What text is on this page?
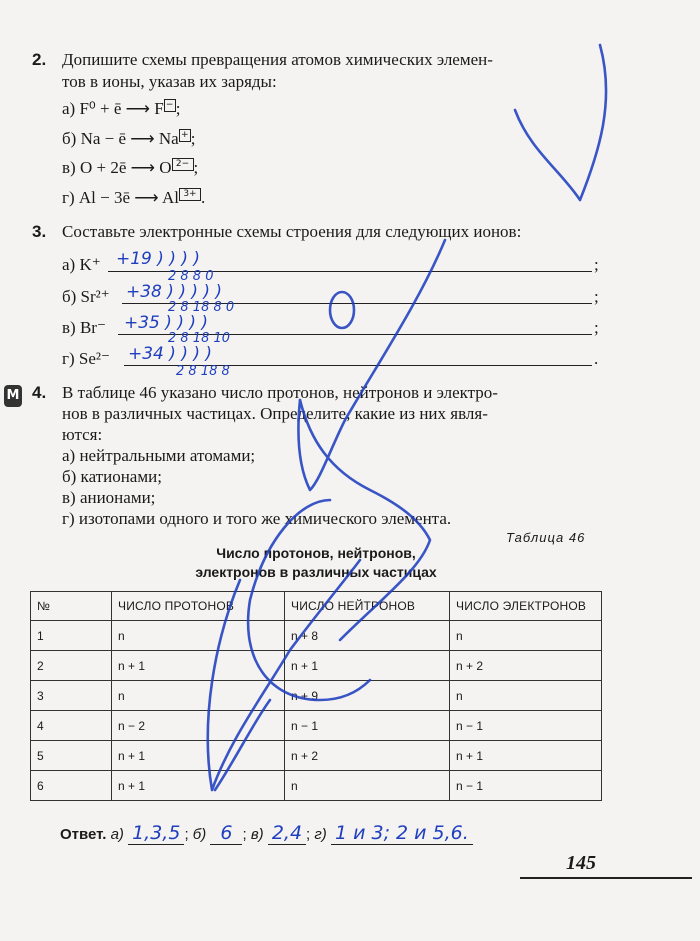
2. Допишите схемы превращения атомов химических элемен-
тов в ионы, указав их заряды:
а) F⁰ + ē ⟶ F − ;
б) Na − ē ⟶ Na + ;
в) O + 2ē ⟶ O 2− ;
г) Al − 3ē ⟶ Al 3+ .
3. Составьте электронные схемы строения для следующих ионов:
а) K⁺	;
+19 ) ) ) )
2 8 8 0
б) Sr²⁺	;
+38 ) ) ) ) )
2 8 18 8 0
в) Br⁻	;
+35 ) ) ) )
2 8 18 10
г) Se²⁻	.
+34 ) ) ) )
2 8 18 8
М 4. В таблице 46 указано число протонов, нейтронов и электро-
нов в различных частицах. Определите, какие из них явля-
ются:
а) нейтральными атомами;
б) катионами;
в) анионами;
г) изотопами одного и того же химического элемента.
Таблица 46
Число протонов, нейтронов,
электронов в различных частицах
№	ЧИСЛО ПРОТОНОВ	ЧИСЛО НЕЙТРОНОВ	ЧИСЛО ЭЛЕКТРОНОВ
1	n	n + 8	n
2	n + 1	n + 1	n + 2
3	n	n + 9	n
4	n − 2	n − 1	n − 1
5	n + 1	n + 2	n + 1
6	n + 1	n	n − 1
Ответ. а) 1,3,5 ; б) 6 ; в) 2,4 ; г) 1 и 3; 2 и 5,6.
145
